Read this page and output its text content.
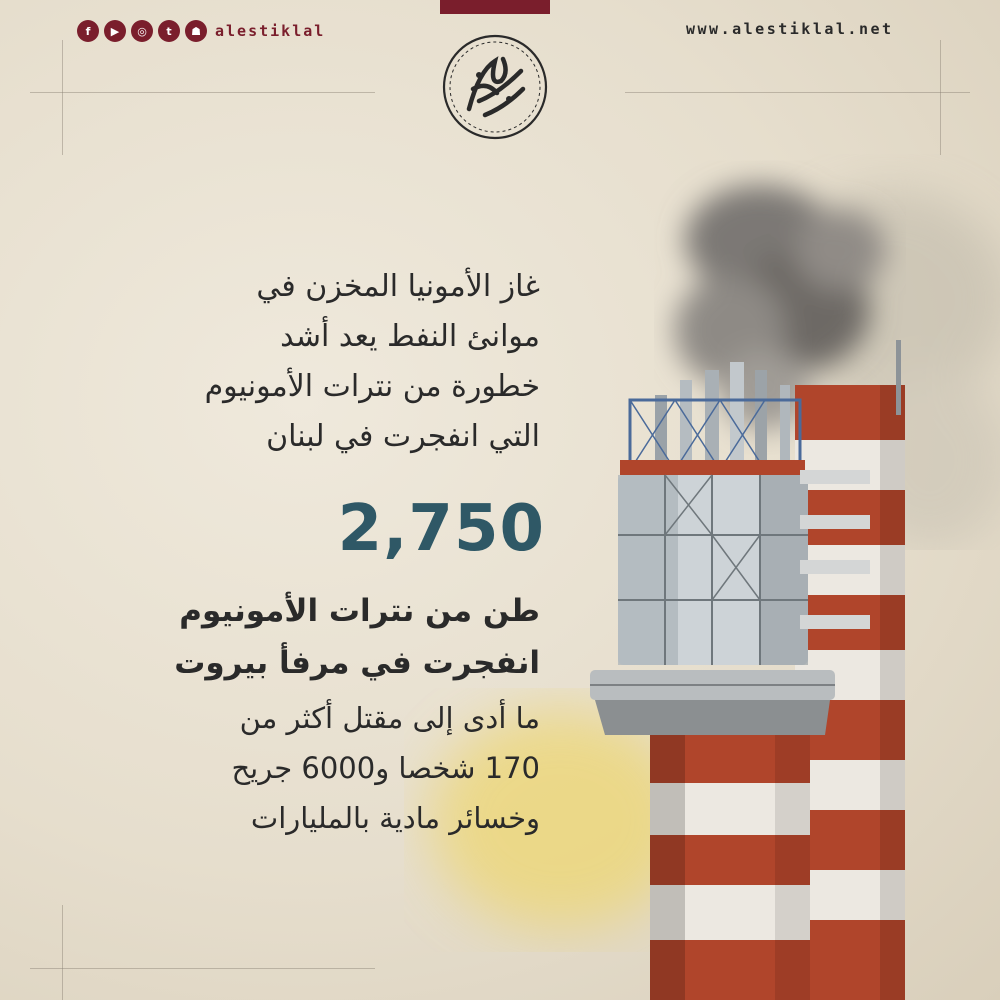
f	▶	◎	t	☗ alestiklal	www.alestiklal.net
غاز الأمونيا المخزن في
موانئ النفط يعد أشد
خطورة من نترات الأمونيوم
التي انفجرت في لبنان
2,750
طن من نترات الأمونيوم
انفجرت في مرفأ بيروت
ما أدى إلى مقتل أكثر من
170 شخصا و6000 جريح
وخسائر مادية بالمليارات
